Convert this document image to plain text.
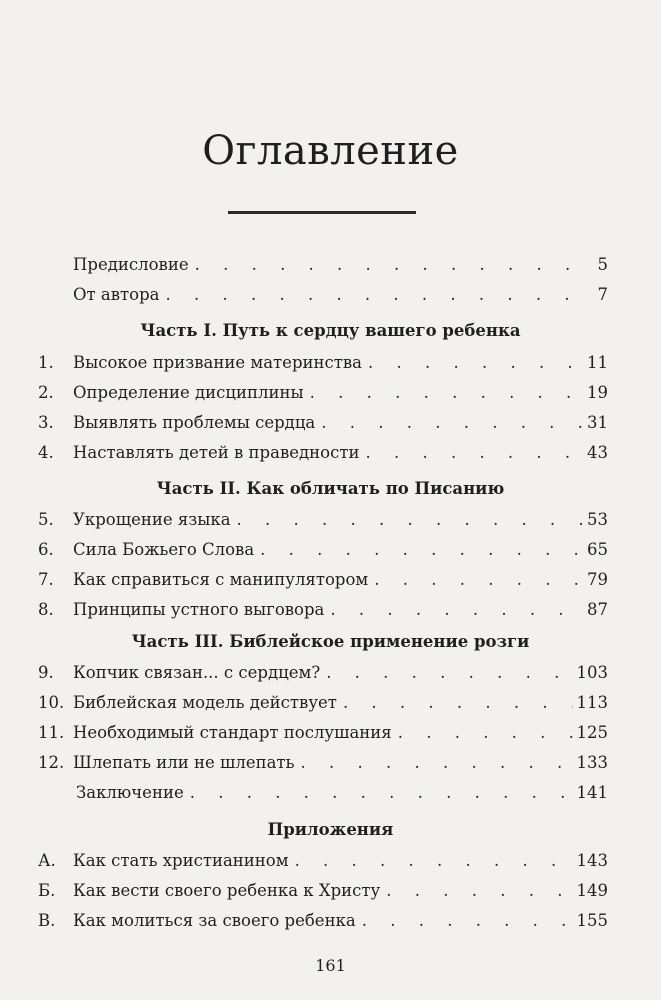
Оглавление
Предисловие . . .	5
От автора . . .	7
Часть I. Путь к сердцу вашего ребенка
1.	Высокое призвание материнства . . .	11
2.	Определение дисциплины . . .	19
3.	Выявлять проблемы сердца . . .	31
4.	Наставлять детей в праведности . . .	43
Часть II. Как обличать по Писанию
5.	Укрощение языка . . .	53
6.	Сила Божьего Слова . . .	65
7.	Как справиться с манипулятором . . .	79
8.	Принципы устного выговора . . .	87
Часть III. Библейское применение розги
9.	Копчик связан... с сердцем? . . .	103
10. Библейская модель действует . . .	113
11. Необходимый стандарт послушания . . .	125
12. Шлепать или не шлепать . . .	133
Заключение . . .	141
Приложения
А.	Как стать христианином . . .	143
Б.	Как вести своего ребенка к Христу . . .	149
В.	Как молиться за своего ребенка . . .	155
161
